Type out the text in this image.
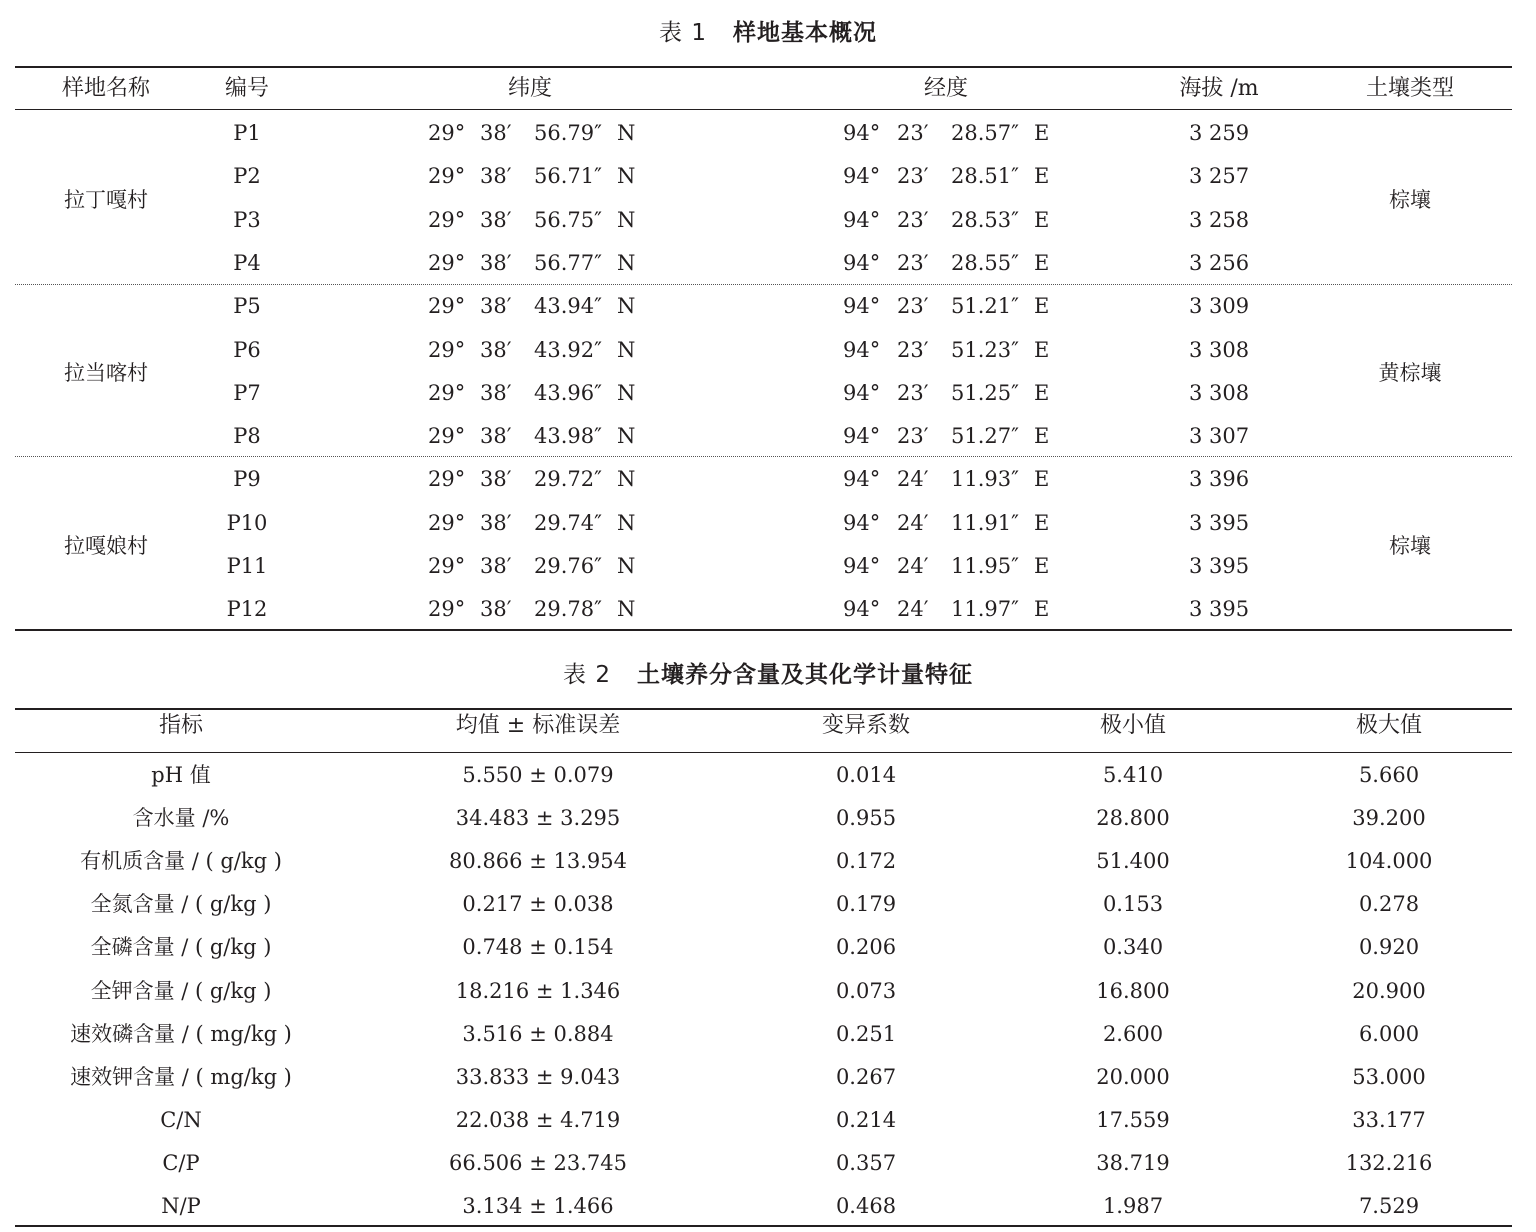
表 1 样地基本概况
样地名称	编号	纬度	经度	海拔 /m	土壤类型
拉丁嘎村	棕壤
P1	29° 38′ 56.79″ N	94° 23′ 28.57″ E	3 259
P2	29° 38′ 56.71″ N	94° 23′ 28.51″ E	3 257
P3	29° 38′ 56.75″ N	94° 23′ 28.53″ E	3 258
P4	29° 38′ 56.77″ N	94° 23′ 28.55″ E	3 256
拉当喀村	黄棕壤
P5	29° 38′ 43.94″ N	94° 23′ 51.21″ E	3 309
P6	29° 38′ 43.92″ N	94° 23′ 51.23″ E	3 308
P7	29° 38′ 43.96″ N	94° 23′ 51.25″ E	3 308
P8	29° 38′ 43.98″ N	94° 23′ 51.27″ E	3 307
拉嘎娘村	棕壤
P9	29° 38′ 29.72″ N	94° 24′ 11.93″ E	3 396
P10	29° 38′ 29.74″ N	94° 24′ 11.91″ E	3 395
P11	29° 38′ 29.76″ N	94° 24′ 11.95″ E	3 395
P12	29° 38′ 29.78″ N	94° 24′ 11.97″ E	3 395
表 2 土壤养分含量及其化学计量特征
指标	均值 ± 标准误差	变异系数	极小值	极大值
pH 值	5.550 ± 0.079	0.014	5.410	5.660
含水量 /%	34.483 ± 3.295	0.955	28.800	39.200
有机质含量 / ( g/kg )	80.866 ± 13.954	0.172	51.400	104.000
全氮含量 / ( g/kg )	0.217 ± 0.038	0.179	0.153	0.278
全磷含量 / ( g/kg )	0.748 ± 0.154	0.206	0.340	0.920
全钾含量 / ( g/kg )	18.216 ± 1.346	0.073	16.800	20.900
速效磷含量 / ( mg/kg )	3.516 ± 0.884	0.251	2.600	6.000
速效钾含量 / ( mg/kg )	33.833 ± 9.043	0.267	20.000	53.000
C/N	22.038 ± 4.719	0.214	17.559	33.177
C/P	66.506 ± 23.745	0.357	38.719	132.216
N/P	3.134 ± 1.466	0.468	1.987	7.529
